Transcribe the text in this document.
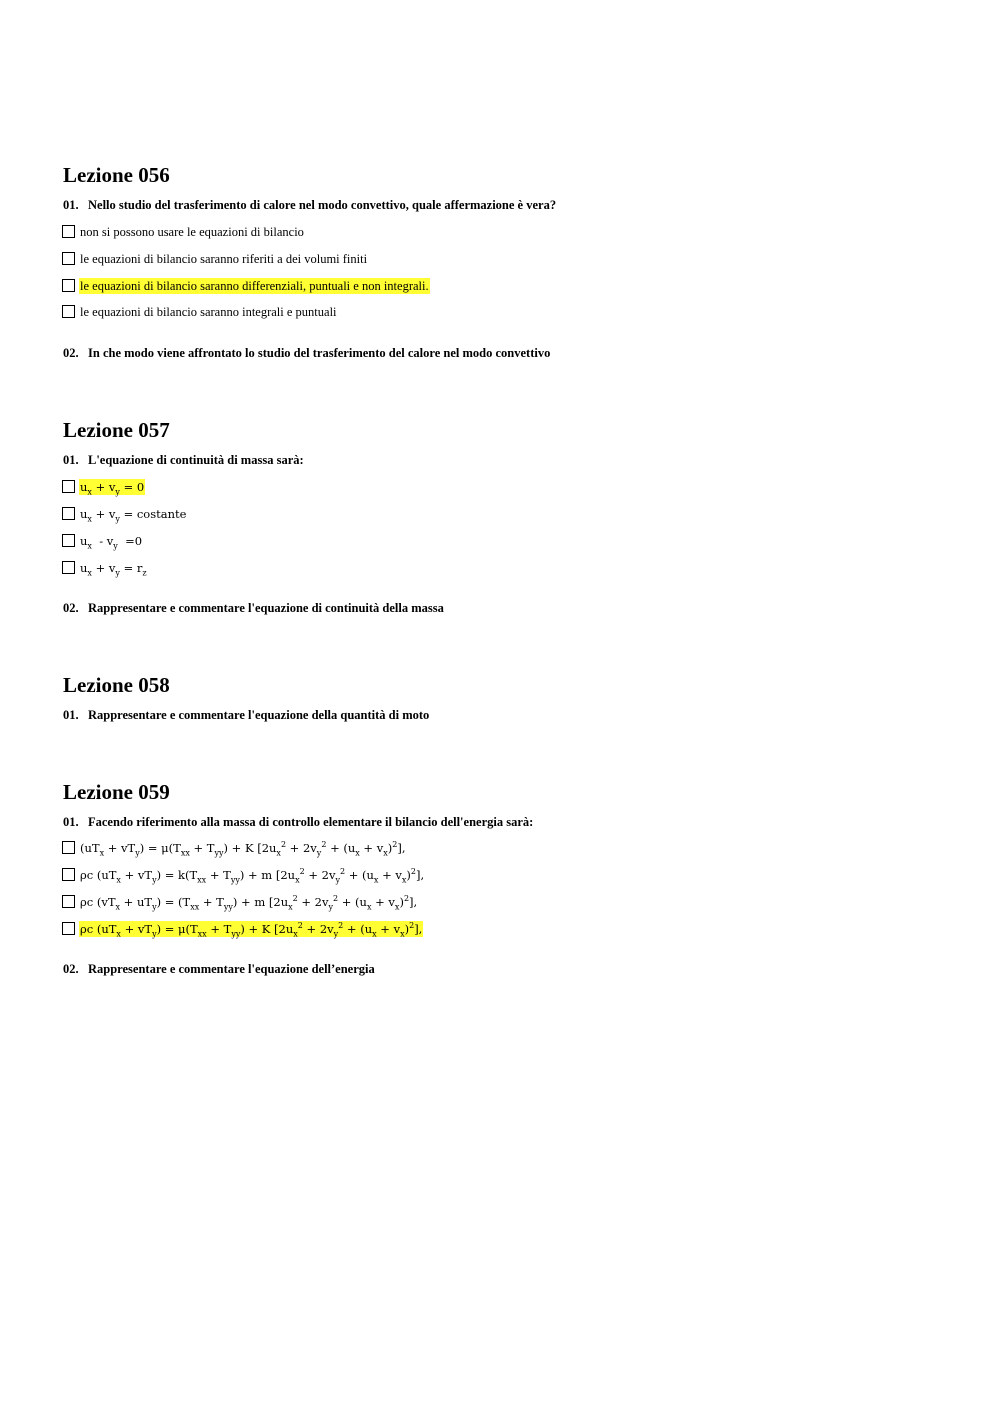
Lezione 056
01. Nello studio del trasferimento di calore nel modo convettivo, quale affermazione è vera?
non si possono usare le equazioni di bilancio
le equazioni di bilancio saranno riferiti a dei volumi finiti
le equazioni di bilancio saranno differenziali, puntuali e non integrali.
le equazioni di bilancio saranno integrali e puntuali
02. In che modo viene affrontato lo studio del trasferimento del calore nel modo convettivo
Lezione 057
01. L'equazione di continuità di massa sarà:
$u_x + v_y = 0$
$u_x + v_y$ = costante
$u_x - v_y =0$
$u_x + v_y = r_z$
02. Rappresentare e commentare l'equazione di continuità della massa
Lezione 058
01. Rappresentare e commentare l'equazione della quantità di moto
Lezione 059
01. Facendo riferimento alla massa di controllo elementare il bilancio dell'energia sarà:
$(uT_x + vT_y) = \mu(T_{xx} + T_{yy}) + K$ $[2u_x^2 + 2v_y^2 + (u_x + v_x)^2]$,
ρc $(uT_x + vT_y) = k(T_{xx} + T_{yy}) + m$ $[2u_x^2 + 2v_y^2 + (u_x + v_x)^2]$,
ρc $(vT_x + uT_y) = (T_{xx} + T_{yy}) + m$ $[2u_x^2 + 2v_y^2 + (u_x + v_x)^2]$,
ρc $(uT_x + vT_y) = \mu(T_{xx} + T_{yy}) + K$ $[2u_x^2 + 2v_y^2 + (u_x + v_x)^2]$,
02. Rappresentare e commentare l'equazione dell’energia
